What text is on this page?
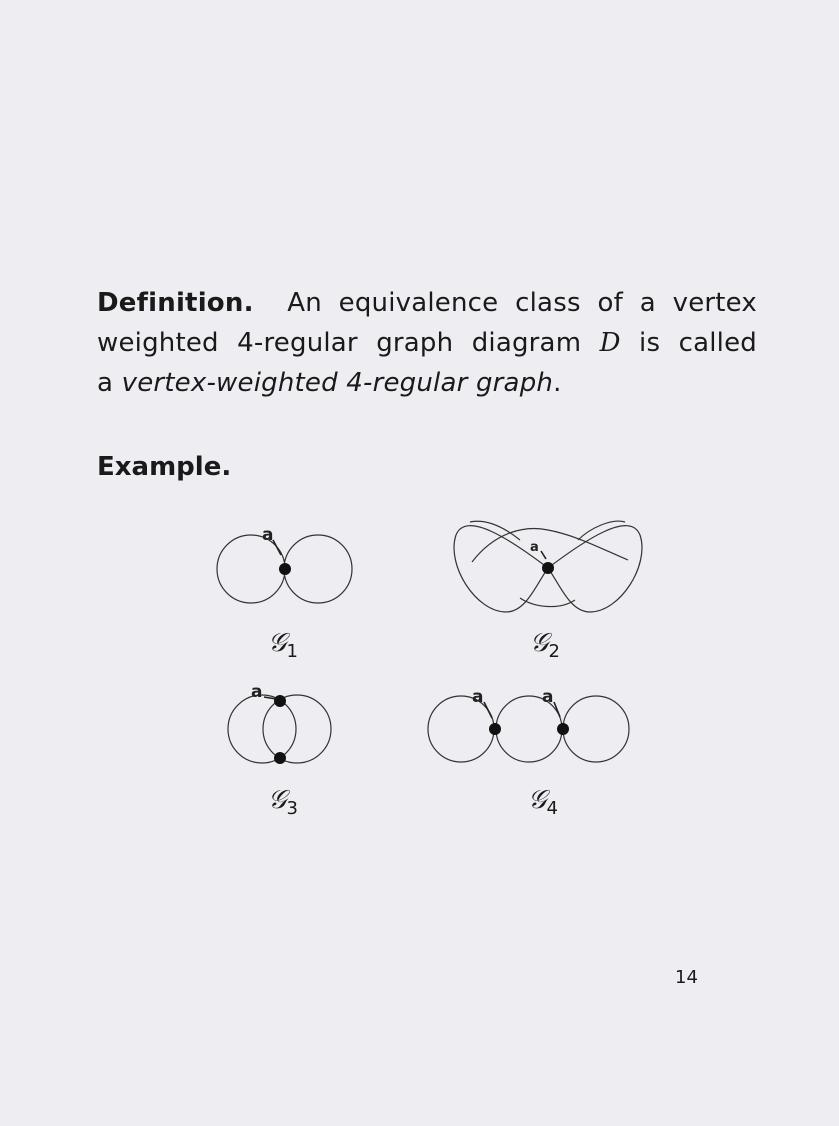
Definition. An equivalence class of a vertex
weighted 4-regular graph diagram D is called
a vertex-weighted 4-regular graph.
Example.
a
a
a	a	a
𝒢$_1$	𝒢$_2$
𝒢$_3$	𝒢$_4$
14
